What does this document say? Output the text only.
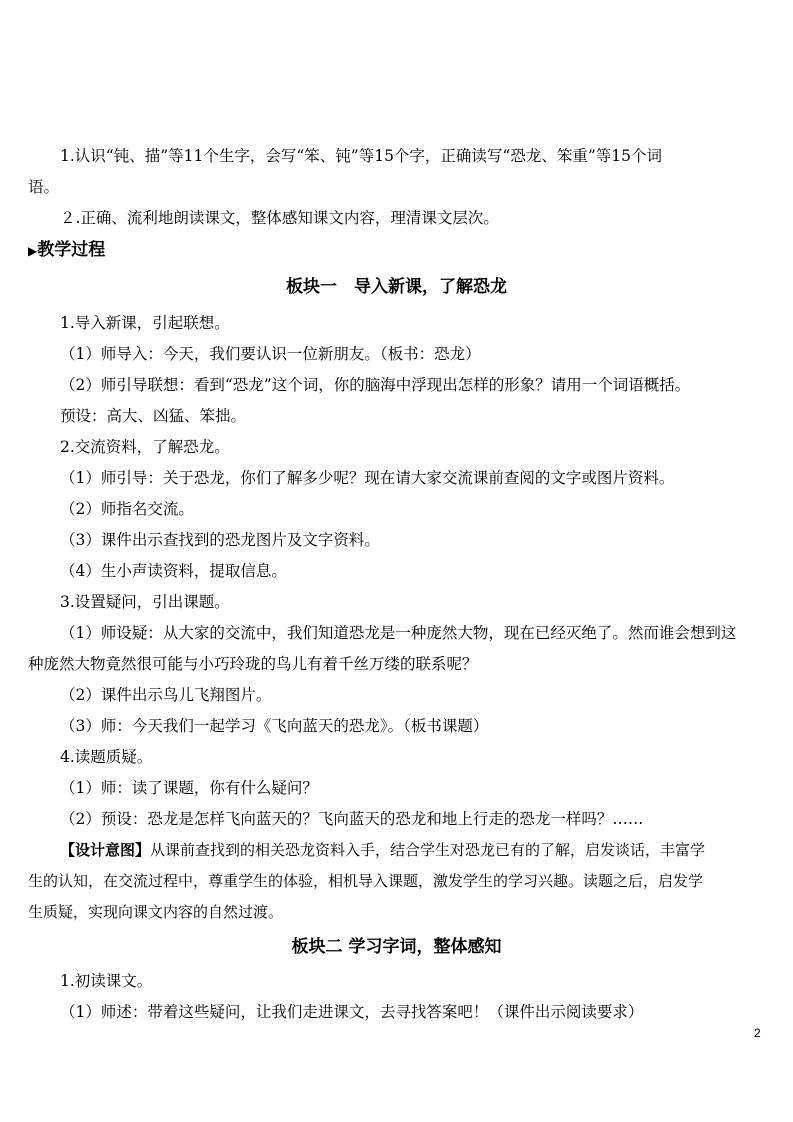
1.认识“钝、描”等11个生字，会写“笨、钝”等15个字，正确读写“恐龙、笨重”等15个词
语。
２.正确、流利地朗读课文，整体感知课文内容，理清课文层次。
▶教学过程
板块一　导入新课，了解恐龙
1.导入新课，引起联想。
（1）师导入：今天，我们要认识一位新朋友。（板书：恐龙）
（2）师引导联想：看到“恐龙”这个词，你的脑海中浮现出怎样的形象？请用一个词语概括。
预设：高大、凶猛、笨拙。
2.交流资料，了解恐龙。
（1）师引导：关于恐龙，你们了解多少呢？现在请大家交流课前查阅的文字或图片资料。
（2）师指名交流。
（3）课件出示查找到的恐龙图片及文字资料。
（4）生小声读资料，提取信息。
3.设置疑问，引出课题。
（1）师设疑：从大家的交流中，我们知道恐龙是一种庞然大物，现在已经灭绝了。然而谁会想到这
种庞然大物竟然很可能与小巧玲珑的鸟儿有着千丝万缕的联系呢？
（2）课件出示鸟儿飞翔图片。
（3）师：今天我们一起学习《飞向蓝天的恐龙》。（板书课题）
4.读题质疑。
（1）师：读了课题，你有什么疑问？
（2）预设：恐龙是怎样飞向蓝天的？飞向蓝天的恐龙和地上行走的恐龙一样吗？……
【设计意图】从课前查找到的相关恐龙资料入手，结合学生对恐龙已有的了解，启发谈话，丰富学
生的认知，在交流过程中，尊重学生的体验，相机导入课题，激发学生的学习兴趣。读题之后，启发学
生质疑，实现向课文内容的自然过渡。
板块二 学习字词，整体感知
1.初读课文。
（1）师述：带着这些疑问，让我们走进课文，去寻找答案吧！（课件出示阅读要求）
2
